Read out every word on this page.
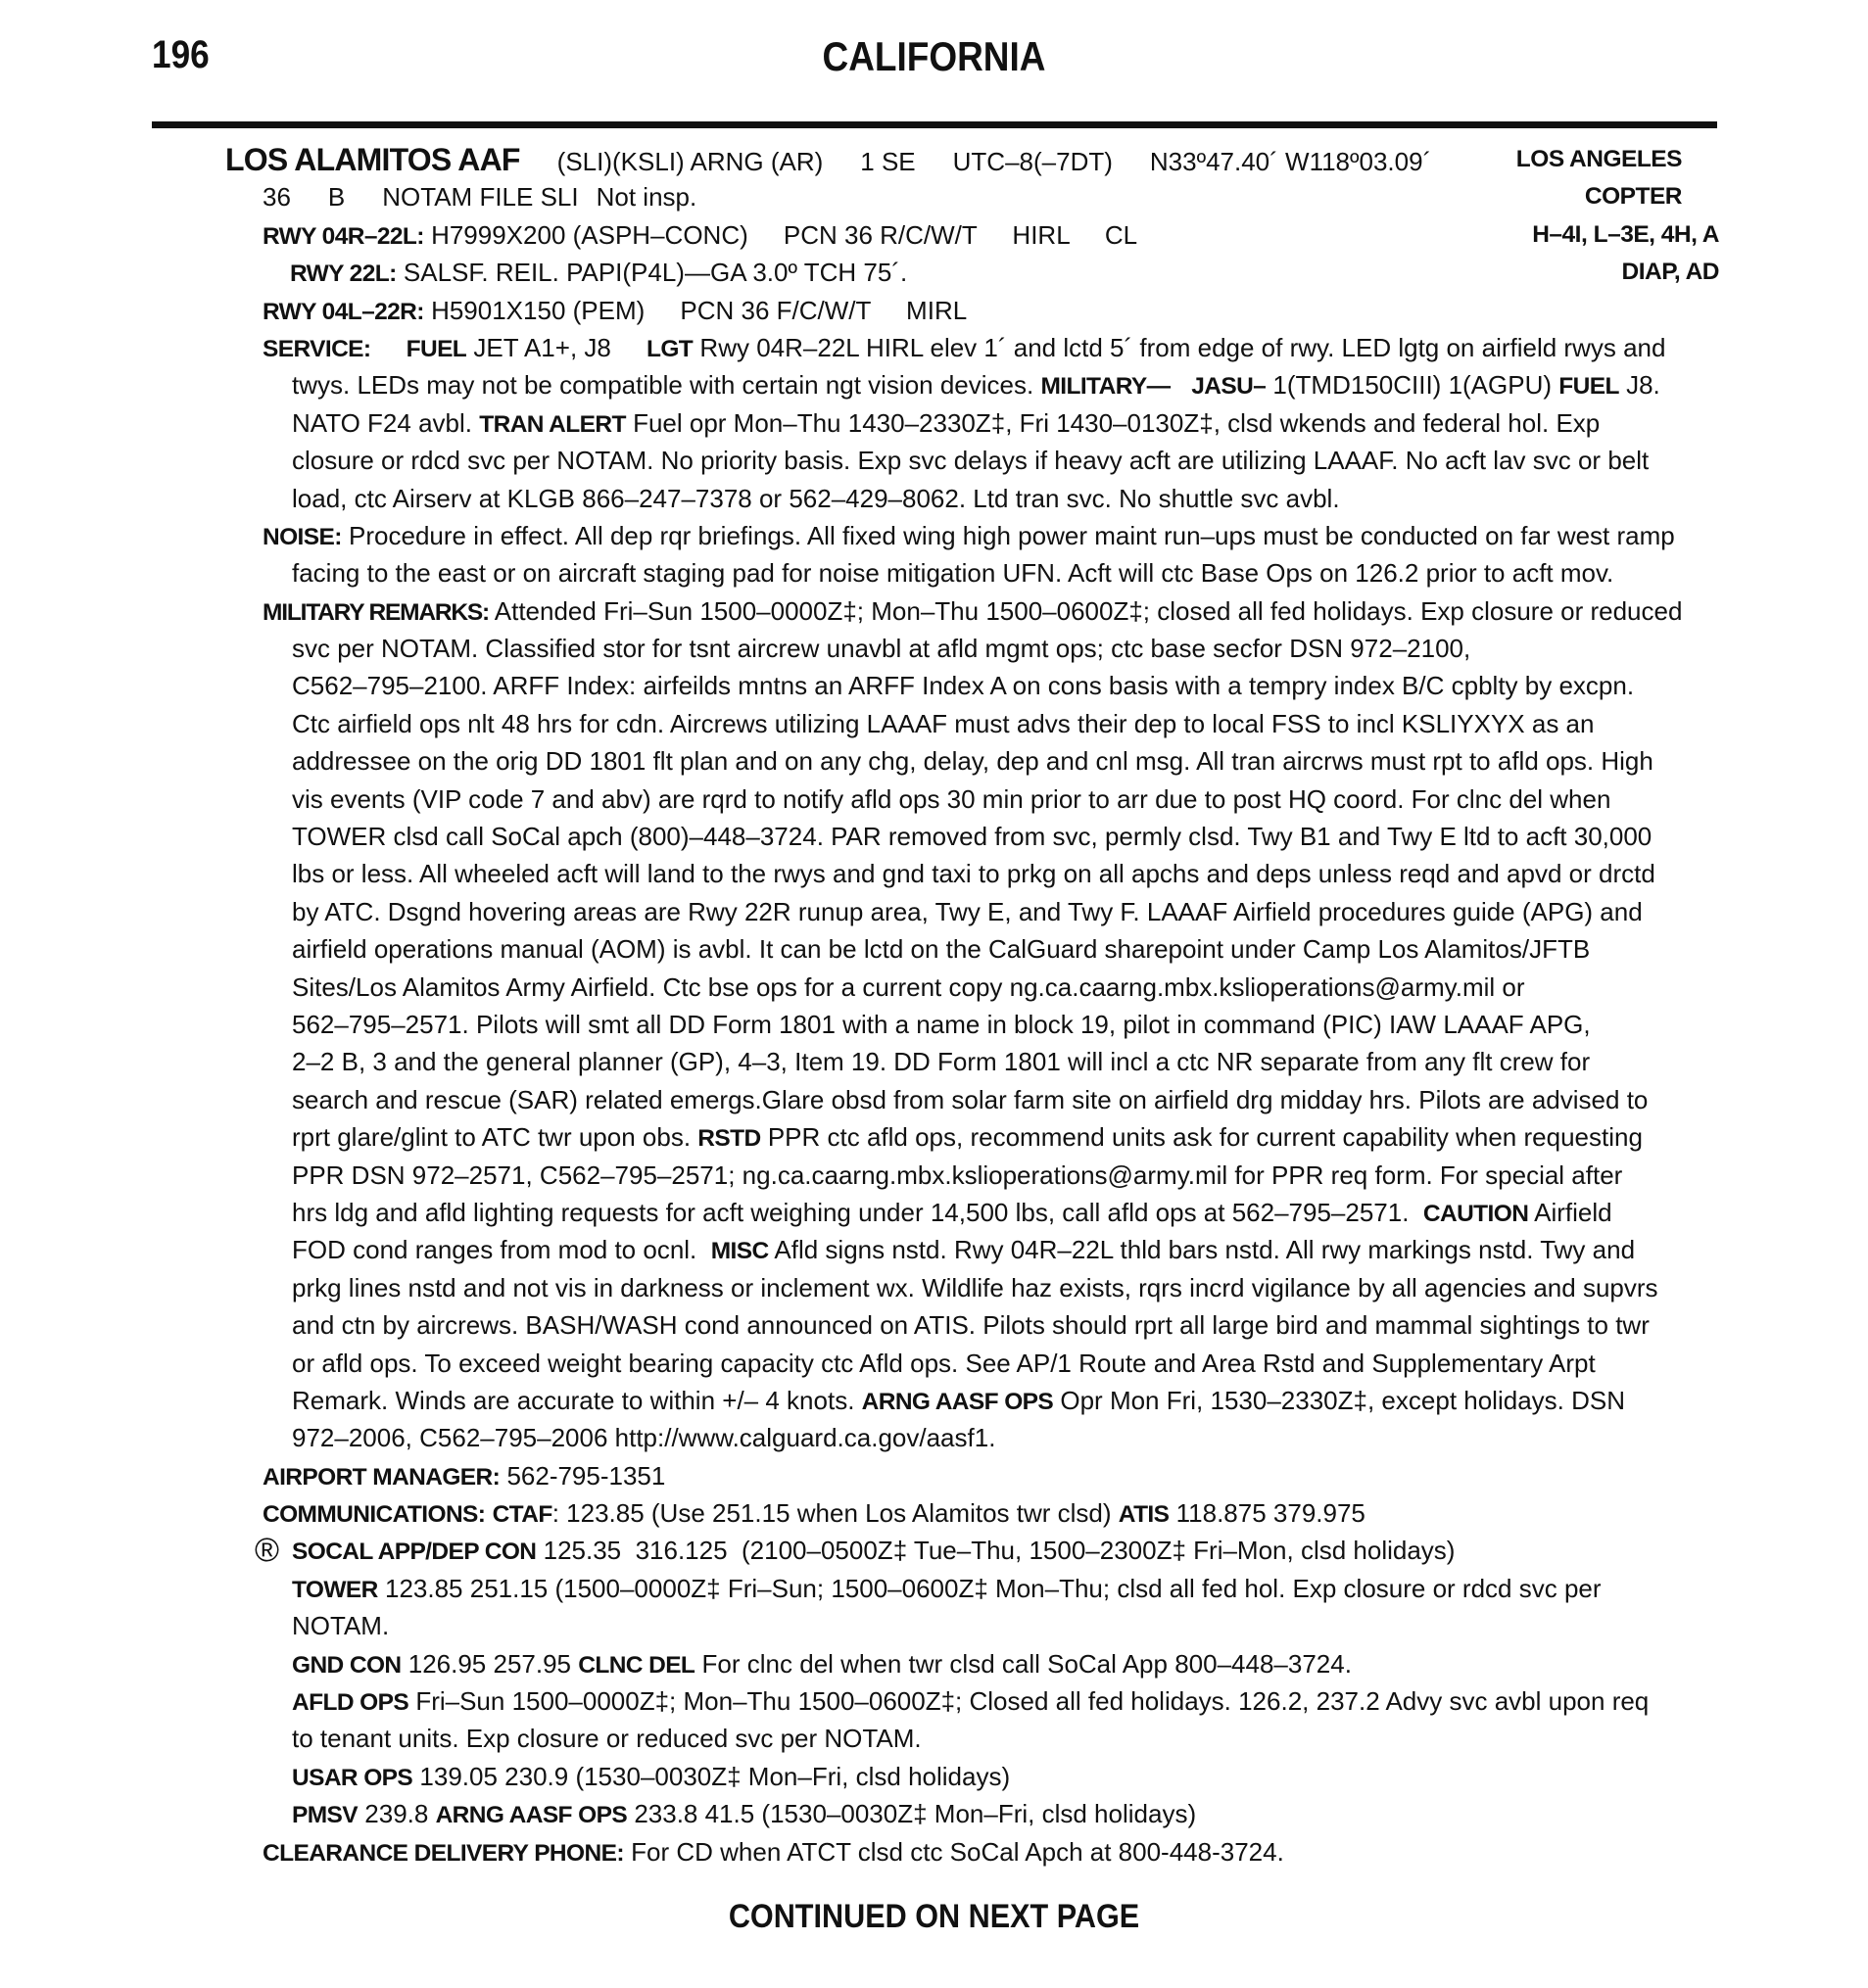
196	CALIFORNIA
LOS ALAMITOS AAF (SLI)(KSLI) ARNG (AR) 1 SE UTC–8(–7DT) N33º47.40´ W118º03.09´	LOS ANGELES
36 B NOTAM FILE SLI Not insp.	COPTER
RWY 04R–22L: H7999X200 (ASPH–CONC)     PCN 36 R/C/W/T     HIRL     CL	H–4I, L–3E, 4H, A
RWY 22L: SALSF. REIL. PAPI(P4L)—GA 3.0º TCH 75´.	DIAP, AD
RWY 04L–22R: H5901X150 (PEM)     PCN 36 F/C/W/T     MIRL
SERVICE: FUEL JET A1+, J8 LGT Rwy 04R–22L HIRL elev 1´ and lctd 5´ from edge of rwy. LED lgtg on airfield rwys and
twys. LEDs may not be compatible with certain ngt vision devices. MILITARY— JASU– 1(TMD150CIII) 1(AGPU) FUEL J8.
NATO F24 avbl. TRAN ALERT Fuel opr Mon–Thu 1430–2330Z‡, Fri 1430–0130Z‡, clsd wkends and federal hol. Exp
closure or rdcd svc per NOTAM. No priority basis. Exp svc delays if heavy acft are utilizing LAAAF. No acft lav svc or belt
load, ctc Airserv at KLGB 866–247–7378 or 562–429–8062. Ltd tran svc. No shuttle svc avbl.
NOISE: Procedure in effect. All dep rqr briefings. All fixed wing high power maint run–ups must be conducted on far west ramp
facing to the east or on aircraft staging pad for noise mitigation UFN. Acft will ctc Base Ops on 126.2 prior to acft mov.
MILITARY REMARKS: Attended Fri–Sun 1500–0000Z‡; Mon–Thu 1500–0600Z‡; closed all fed holidays. Exp closure or reduced
svc per NOTAM. Classified stor for tsnt aircrew unavbl at afld mgmt ops; ctc base secfor DSN 972–2100,
C562–795–2100. ARFF Index: airfeilds mntns an ARFF Index A on cons basis with a tempry index B/C cpblty by excpn.
Ctc airfield ops nlt 48 hrs for cdn. Aircrews utilizing LAAAF must advs their dep to local FSS to incl KSLIYXYX as an
addressee on the orig DD 1801 flt plan and on any chg, delay, dep and cnl msg. All tran aircrws must rpt to afld ops. High
vis events (VIP code 7 and abv) are rqrd to notify afld ops 30 min prior to arr due to post HQ coord. For clnc del when
TOWER clsd call SoCal apch (800)–448–3724. PAR removed from svc, permly clsd. Twy B1 and Twy E ltd to acft 30,000
lbs or less. All wheeled acft will land to the rwys and gnd taxi to prkg on all apchs and deps unless reqd and apvd or drctd
by ATC. Dsgnd hovering areas are Rwy 22R runup area, Twy E, and Twy F. LAAAF Airfield procedures guide (APG) and
airfield operations manual (AOM) is avbl. It can be lctd on the CalGuard sharepoint under Camp Los Alamitos/JFTB
Sites/Los Alamitos Army Airfield. Ctc bse ops for a current copy ng.ca.caarng.mbx.kslioperations@army.mil or
562–795–2571. Pilots will smt all DD Form 1801 with a name in block 19, pilot in command (PIC) IAW LAAAF APG,
2–2 B, 3 and the general planner (GP), 4–3, Item 19. DD Form 1801 will incl a ctc NR separate from any flt crew for
search and rescue (SAR) related emergs.Glare obsd from solar farm site on airfield drg midday hrs. Pilots are advised to
rprt glare/glint to ATC twr upon obs. RSTD PPR ctc afld ops, recommend units ask for current capability when requesting
PPR DSN 972–2571, C562–795–2571; ng.ca.caarng.mbx.kslioperations@army.mil for PPR req form. For special after
hrs ldg and afld lighting requests for acft weighing under 14,500 lbs, call afld ops at 562–795–2571. CAUTION Airfield
FOD cond ranges from mod to ocnl. MISC Afld signs nstd. Rwy 04R–22L thld bars nstd. All rwy markings nstd. Twy and
prkg lines nstd and not vis in darkness or inclement wx. Wildlife haz exists, rqrs incrd vigilance by all agencies and supvrs
and ctn by aircrews. BASH/WASH cond announced on ATIS. Pilots should rprt all large bird and mammal sightings to twr
or afld ops. To exceed weight bearing capacity ctc Afld ops. See AP/1 Route and Area Rstd and Supplementary Arpt
Remark. Winds are accurate to within +/– 4 knots. ARNG AASF OPS Opr Mon Fri, 1530–2330Z‡, except holidays. DSN
972–2006, C562–795–2006 http://www.calguard.ca.gov/aasf1.
AIRPORT MANAGER: 562-795-1351
COMMUNICATIONS: CTAF: 123.85 (Use 251.15 when Los Alamitos twr clsd) ATIS 118.875 379.975
® SOCAL APP/DEP CON 125.35  316.125  (2100–0500Z‡ Tue–Thu, 1500–2300Z‡ Fri–Mon, clsd holidays)
TOWER 123.85 251.15 (1500–0000Z‡ Fri–Sun; 1500–0600Z‡ Mon–Thu; clsd all fed hol. Exp closure or rdcd svc per
NOTAM.
GND CON 126.95 257.95 CLNC DEL For clnc del when twr clsd call SoCal App 800–448–3724.
AFLD OPS Fri–Sun 1500–0000Z‡; Mon–Thu 1500–0600Z‡; Closed all fed holidays. 126.2, 237.2 Advy svc avbl upon req
to tenant units. Exp closure or reduced svc per NOTAM.
USAR OPS 139.05 230.9 (1530–0030Z‡ Mon–Fri, clsd holidays)
PMSV 239.8 ARNG AASF OPS 233.8 41.5 (1530–0030Z‡ Mon–Fri, clsd holidays)
CLEARANCE DELIVERY PHONE: For CD when ATCT clsd ctc SoCal Apch at 800-448-3724.
CONTINUED ON NEXT PAGE
